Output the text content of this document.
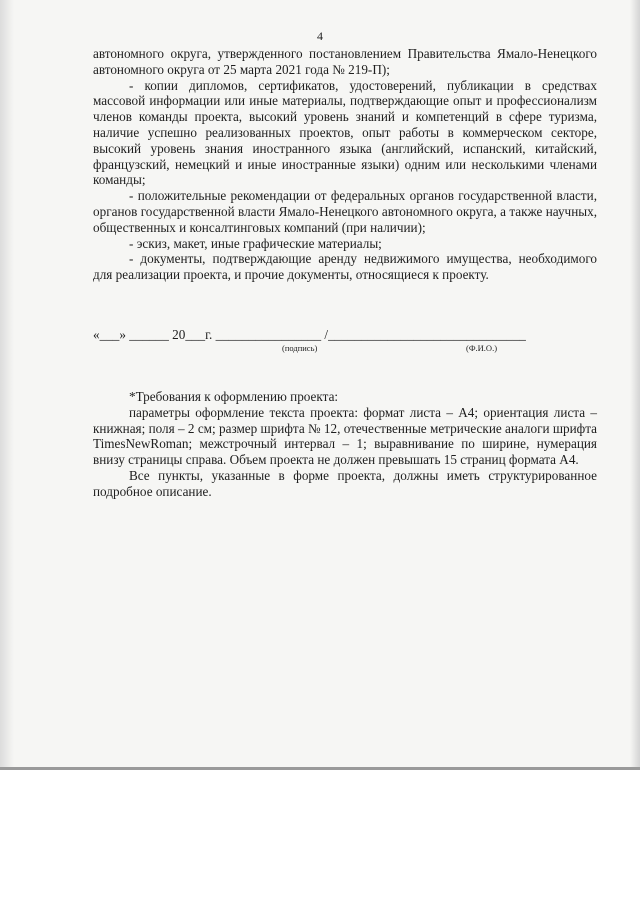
4

автономного округа, утвержденного постановлением Правительства Ямало-Ненецкого автономного округа от 25 марта 2021 года № 219-П);

- копии дипломов, сертификатов, удостоверений, публикации в средствах массовой информации или иные материалы, подтверждающие опыт и профессионализм членов команды проекта, высокий уровень знаний и компетенций в сфере туризма, наличие успешно реализованных проектов, опыт работы в коммерческом секторе, высокий уровень знания иностранного языка (английский, испанский, китайский, французский, немецкий и иные иностранные языки) одним или несколькими членами команды;

- положительные рекомендации от федеральных органов государственной власти, органов государственной власти Ямало-Ненецкого автономного округа, а также научных, общественных и консалтинговых компаний (при наличии);

- эскиз, макет, иные графические материалы;

- документы, подтверждающие аренду недвижимого имущества, необходимого для реализации проекта, и прочие документы, относящиеся к проекту.

«___» ______ 20___г. ________________ /______________________________
(подпись)	(Ф.И.О.)

*Требования к оформлению проекта:

параметры оформление текста проекта: формат листа – А4; ориентация листа – книжная; поля – 2 см; размер шрифта № 12, отечественные метрические аналоги шрифта TimesNewRoman; межстрочный интервал – 1; выравнивание по ширине, нумерация внизу страницы справа. Объем проекта не должен превышать 15 страниц формата А4.

Все пункты, указанные в форме проекта, должны иметь структурированное подробное описание.
